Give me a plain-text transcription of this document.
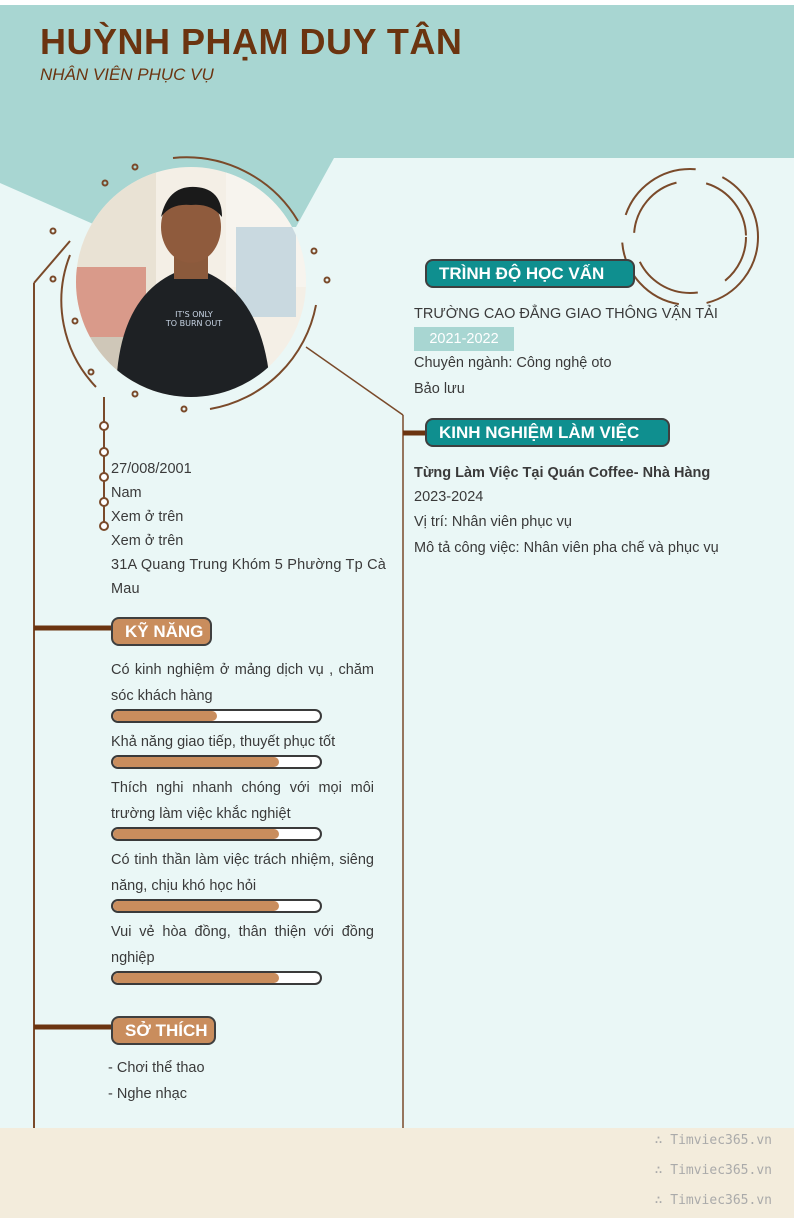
HUỲNH PHẠM DUY TÂN
NHÂN VIÊN PHỤC VỤ
IT'S ONLY
TO BURN OUT
27/008/2001
Nam
Xem ở trên
Xem ở trên
31A Quang Trung Khóm 5 Phường Tp Cà Mau
KỸ NĂNG
Có kinh nghiệm ở mảng dịch vụ , chăm sóc khách hàng
Khả năng giao tiếp, thuyết phục tốt
Thích nghi nhanh chóng với mọi môi trường làm việc khắc nghiệt
Có tinh thần làm việc trách nhiệm, siêng năng, chịu khó học hỏi
Vui vẻ hòa đồng, thân thiện với đồng nghiệp
SỞ THÍCH
- Chơi thể thao
- Nghe nhạc
TRÌNH ĐỘ HỌC VẤN
TRƯỜNG CAO ĐẲNG GIAO THÔNG VẬN TẢI
2021-2022
Chuyên ngành: Công nghệ oto
Bảo lưu
KINH NGHIỆM LÀM VIỆC
Từng Làm Việc Tại Quán Coffee- Nhà Hàng
2023-2024
Vị trí: Nhân viên phục vụ
Mô tả công việc: Nhân viên pha chế và phục vụ
∴ Timviec365.vn
∴ Timviec365.vn
∴ Timviec365.vn
